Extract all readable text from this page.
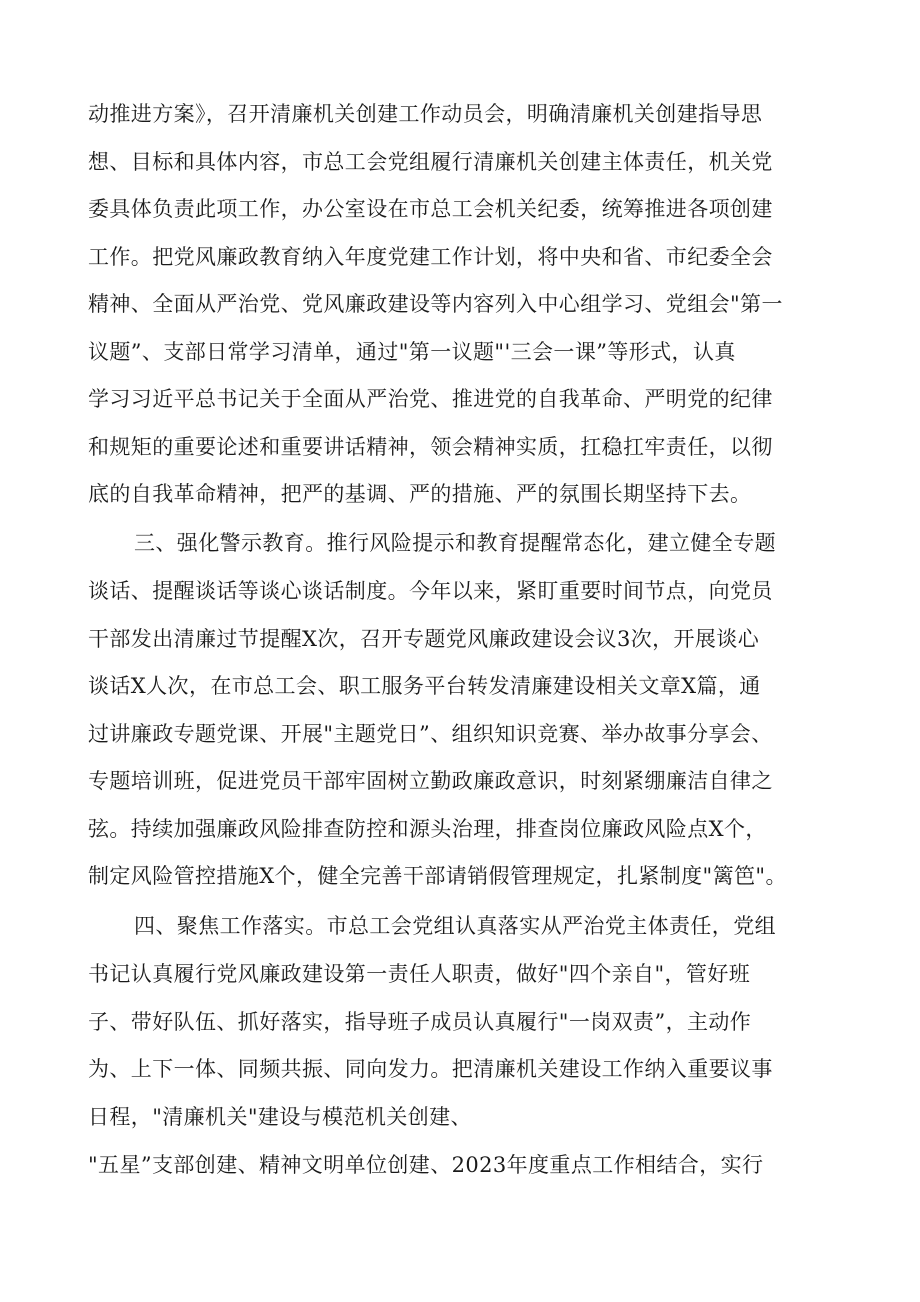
动推进方案》，召开清廉机关创建工作动员会，明确清廉机关创建指导思
想、目标和具体内容，市总工会党组履行清廉机关创建主体责任，机关党
委具体负责此项工作，办公室设在市总工会机关纪委，统筹推进各项创建
工作。把党风廉政教育纳入年度党建工作计划，将中央和省、市纪委全会
精神、全面从严治党、党风廉政建设等内容列入中心组学习、党组会"第一
议题”、支部日常学习清单，通过"第一议题"'三会一课”等形式，认真
学习习近平总书记关于全面从严治党、推进党的自我革命、严明党的纪律
和规矩的重要论述和重要讲话精神，领会精神实质，扛稳扛牢责任，以彻
底的自我革命精神，把严的基调、严的措施、严的氛围长期坚持下去。
三、强化警示教育。推行风险提示和教育提醒常态化，建立健全专题
谈话、提醒谈话等谈心谈话制度。今年以来，紧盯重要时间节点，向党员
干部发出清廉过节提醒X次，召开专题党风廉政建设会议3次，开展谈心
谈话X人次，在市总工会、职工服务平台转发清廉建设相关文章X篇，通
过讲廉政专题党课、开展"主题党日”、组织知识竞赛、举办故事分享会、
专题培训班，促进党员干部牢固树立勤政廉政意识，时刻紧绷廉洁自律之
弦。持续加强廉政风险排查防控和源头治理，排查岗位廉政风险点X个，
制定风险管控措施X个，健全完善干部请销假管理规定，扎紧制度"篱笆"。
四、聚焦工作落实。市总工会党组认真落实从严治党主体责任，党组
书记认真履行党风廉政建设第一责任人职责，做好"四个亲自"，管好班
子、带好队伍、抓好落实，指导班子成员认真履行"一岗双责”，主动作
为、上下一体、同频共振、同向发力。把清廉机关建设工作纳入重要议事
日程，"清廉机关"建设与模范机关创建、
"五星”支部创建、精神文明单位创建、2023年度重点工作相结合，实行
